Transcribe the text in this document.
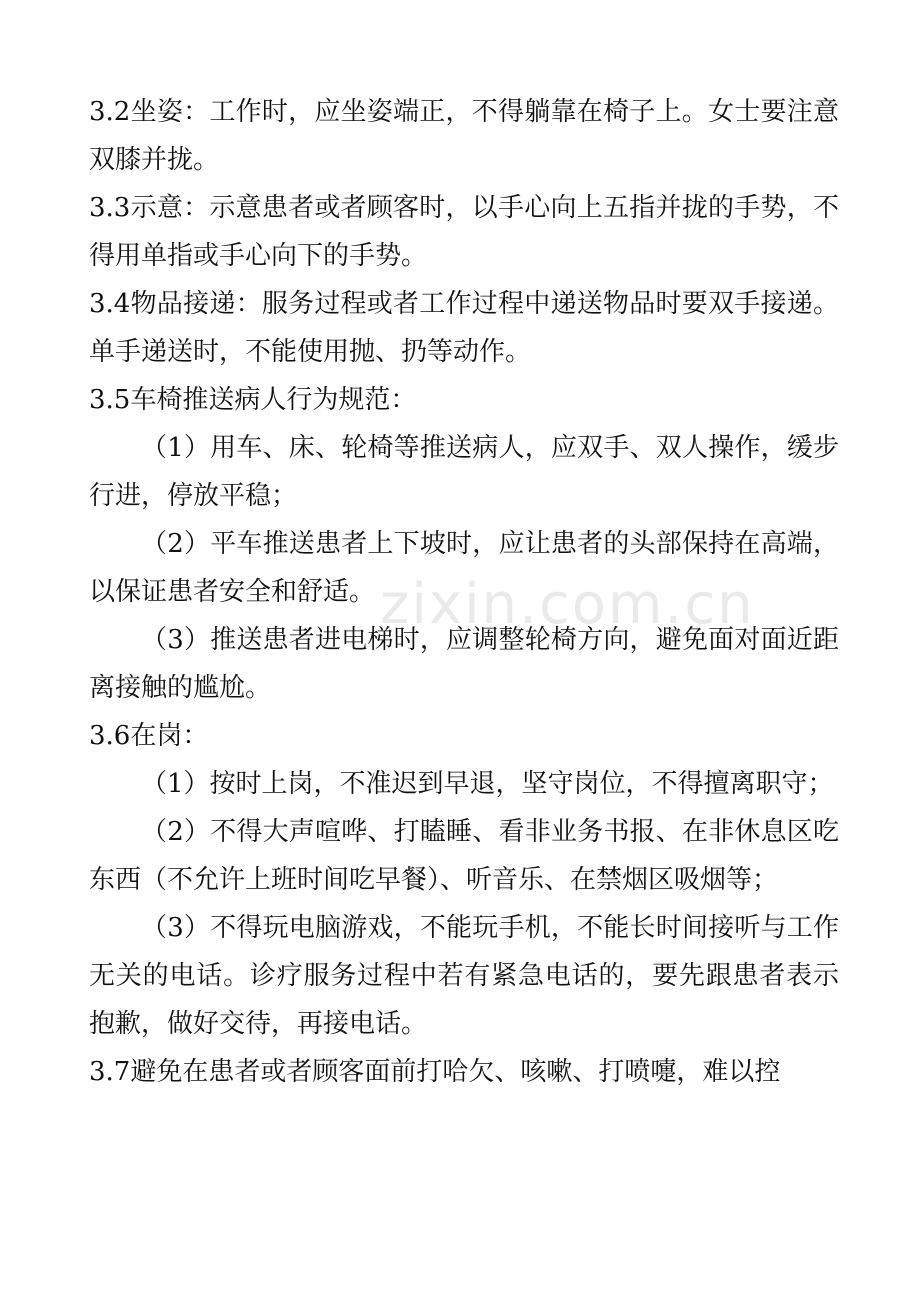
3.2坐姿：工作时，应坐姿端正，不得躺靠在椅子上。女士要注意双膝并拢。

3.3示意：示意患者或者顾客时，以手心向上五指并拢的手势，不得用单指或手心向下的手势。

3.4物品接递：服务过程或者工作过程中递送物品时要双手接递。单手递送时，不能使用抛、扔等动作。

3.5车椅推送病人行为规范：

（1）用车、床、轮椅等推送病人，应双手、双人操作，缓步行进，停放平稳；

（2）平车推送患者上下坡时，应让患者的头部保持在高端，以保证患者安全和舒适。

（3）推送患者进电梯时，应调整轮椅方向，避免面对面近距离接触的尴尬。

3.6在岗：

（1）按时上岗，不准迟到早退，坚守岗位，不得擅离职守；

（2）不得大声喧哗、打瞌睡、看非业务书报、在非休息区吃东西（不允许上班时间吃早餐）、听音乐、在禁烟区吸烟等；

（3）不得玩电脑游戏，不能玩手机，不能长时间接听与工作无关的电话。诊疗服务过程中若有紧急电话的，要先跟患者表示抱歉，做好交待，再接电话。

3.7避免在患者或者顾客面前打哈欠、咳嗽、打喷嚏，难以控

zixin.com.cn
